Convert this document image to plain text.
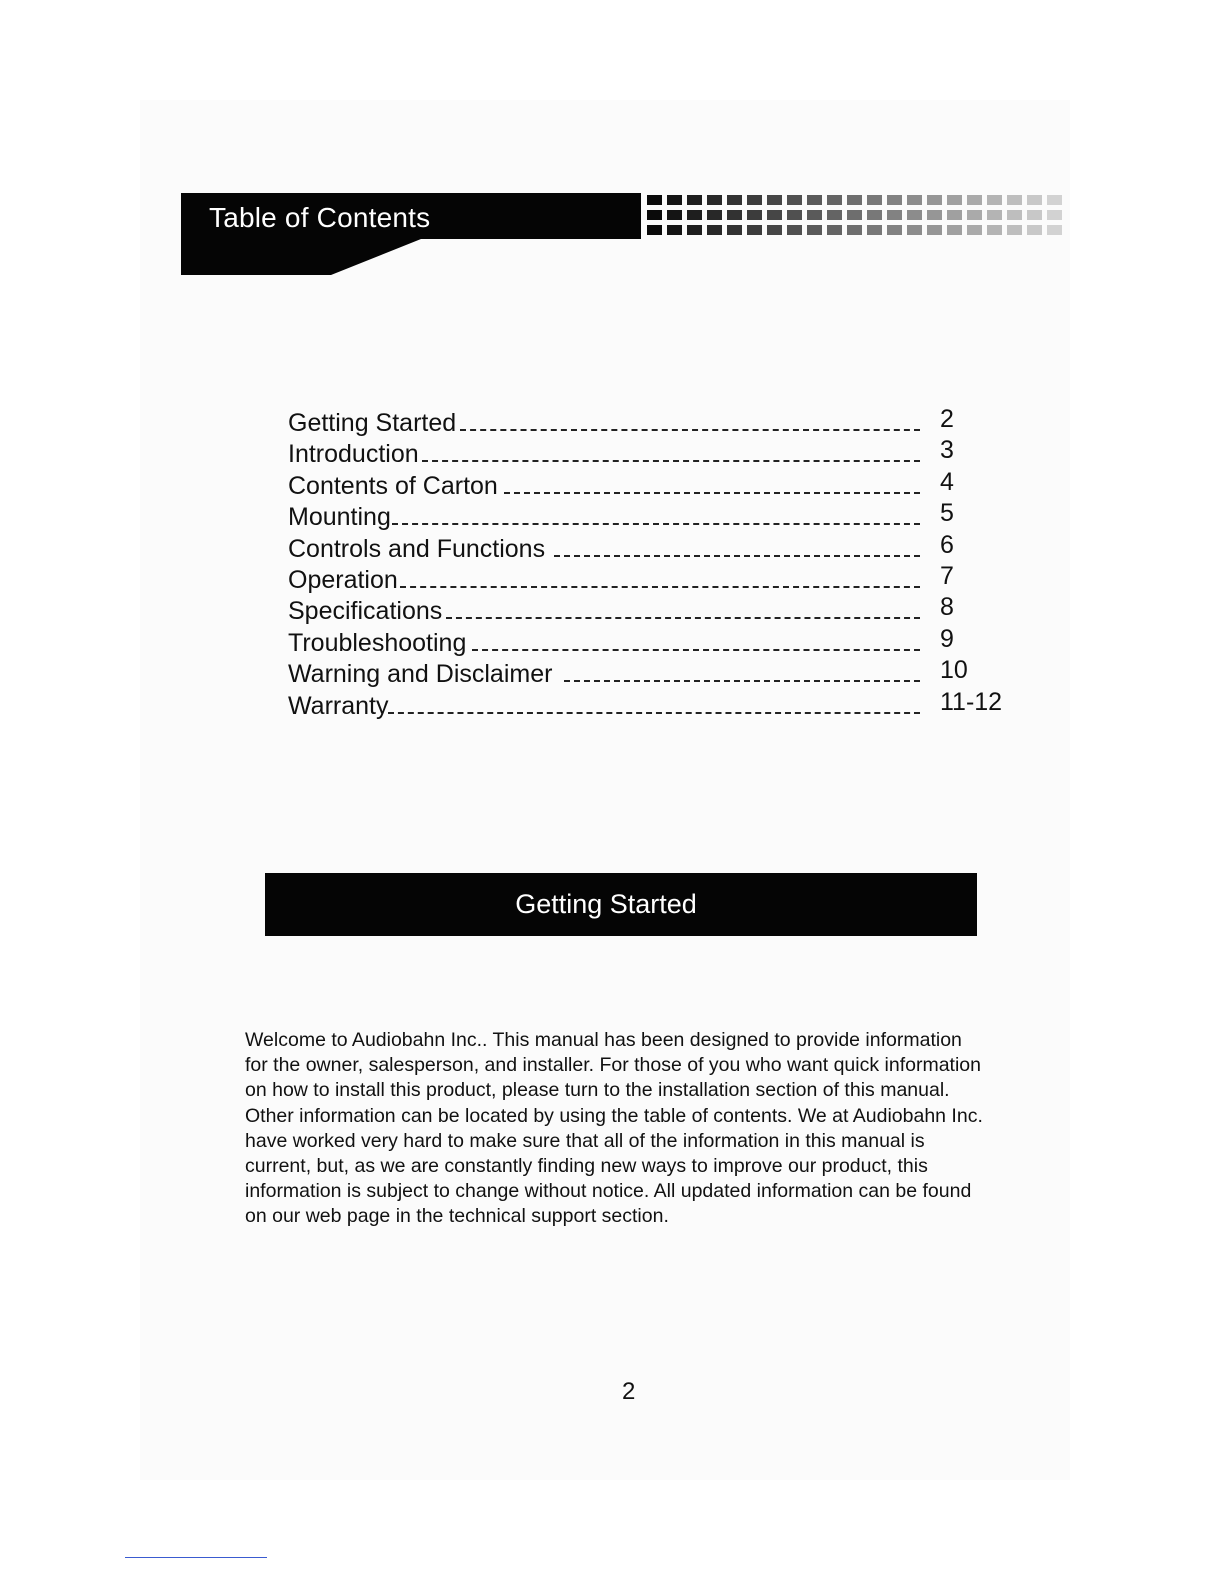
Table of Contents
Getting Started	2
Introduction	3
Contents of Carton	4
Mounting	5
Controls and Functions	6
Operation	7
Specifications	8
Troubleshooting	9
Warning and Disclaimer	10
Warranty	11-12
Getting Started

Welcome to Audiobahn Inc.. This manual has been designed to provide information
for the owner, salesperson, and installer. For those of you who want quick information
on how to install this product, please turn to the installation section of this manual.
Other information can be located by using the table of contents. We at Audiobahn Inc.
have worked very hard to make sure that all of the information in this manual is
current, but, as we are constantly finding new ways to improve our product, this
information is subject to change without notice. All updated information can be found
on our web page in the technical support section.

2
